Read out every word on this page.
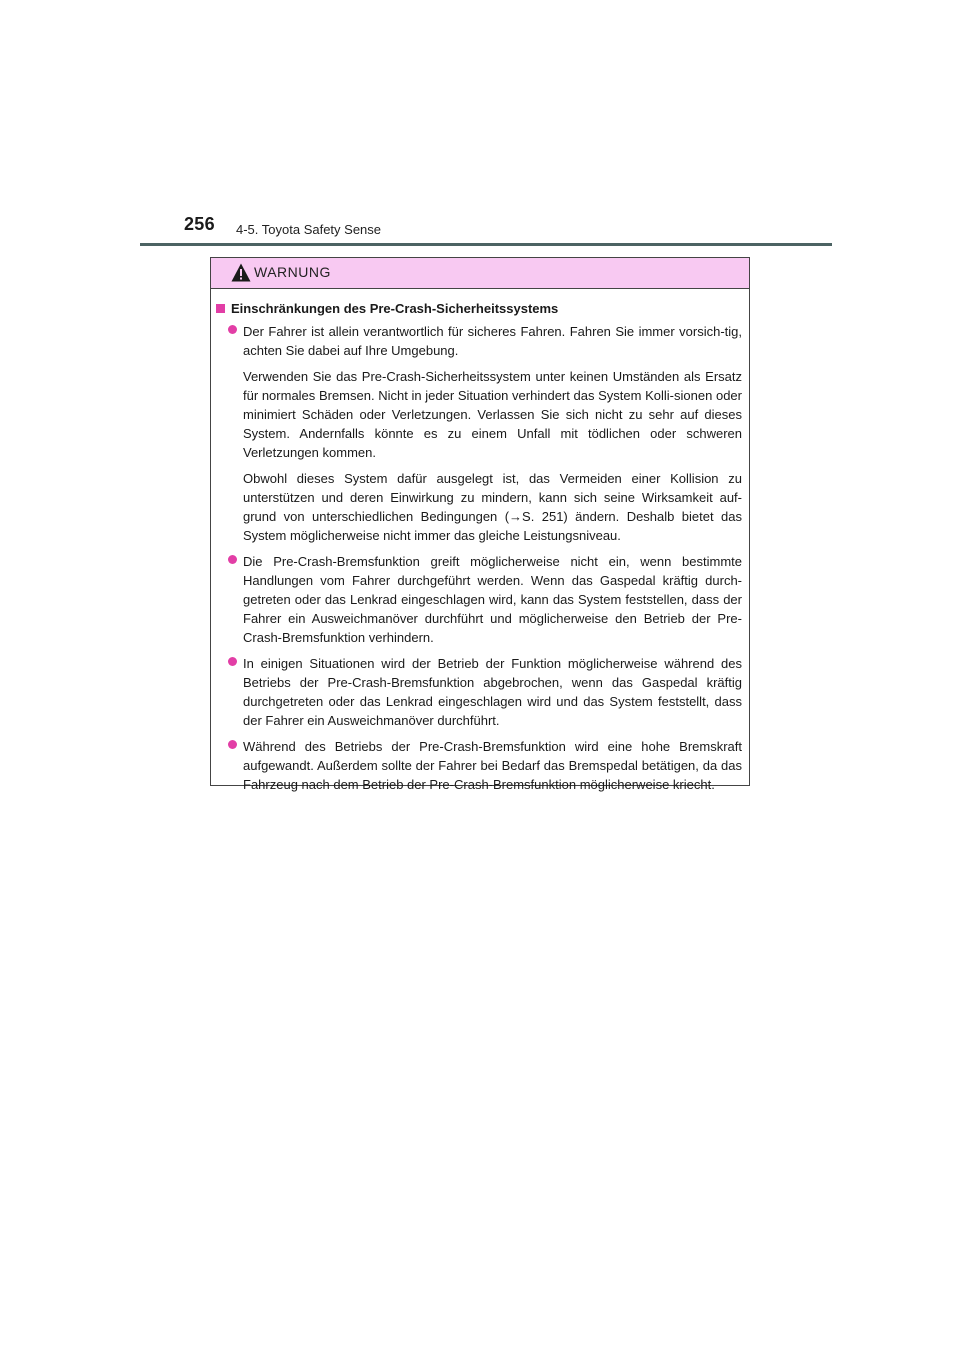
256 4-5. Toyota Safety Sense
WARNUNG
Einschränkungen des Pre-Crash-Sicherheitssystems

Der Fahrer ist allein verantwortlich für sicheres Fahren. Fahren Sie immer vorsich-tig, achten Sie dabei auf Ihre Umgebung.

Verwenden Sie das Pre-Crash-Sicherheitssystem unter keinen Umständen als Ersatz für normales Bremsen. Nicht in jeder Situation verhindert das System Kolli-sionen oder minimiert Schäden oder Verletzungen. Verlassen Sie sich nicht zu sehr auf dieses System. Andernfalls könnte es zu einem Unfall mit tödlichen oder schweren Verletzungen kommen.

Obwohl dieses System dafür ausgelegt ist, das Vermeiden einer Kollision zu unterstützen und deren Einwirkung zu mindern, kann sich seine Wirksamkeit auf-grund von unterschiedlichen Bedingungen (→S. 251) ändern. Deshalb bietet das System möglicherweise nicht immer das gleiche Leistungsniveau.

Die Pre-Crash-Bremsfunktion greift möglicherweise nicht ein, wenn bestimmte Handlungen vom Fahrer durchgeführt werden. Wenn das Gaspedal kräftig durch-getreten oder das Lenkrad eingeschlagen wird, kann das System feststellen, dass der Fahrer ein Ausweichmanöver durchführt und möglicherweise den Betrieb der Pre-Crash-Bremsfunktion verhindern.

In einigen Situationen wird der Betrieb der Funktion möglicherweise während des Betriebs der Pre-Crash-Bremsfunktion abgebrochen, wenn das Gaspedal kräftig durchgetreten oder das Lenkrad eingeschlagen wird und das System feststellt, dass der Fahrer ein Ausweichmanöver durchführt.

Während des Betriebs der Pre-Crash-Bremsfunktion wird eine hohe Bremskraft aufgewandt. Außerdem sollte der Fahrer bei Bedarf das Bremspedal betätigen, da das Fahrzeug nach dem Betrieb der Pre-Crash-Bremsfunktion möglicherweise kriecht.
